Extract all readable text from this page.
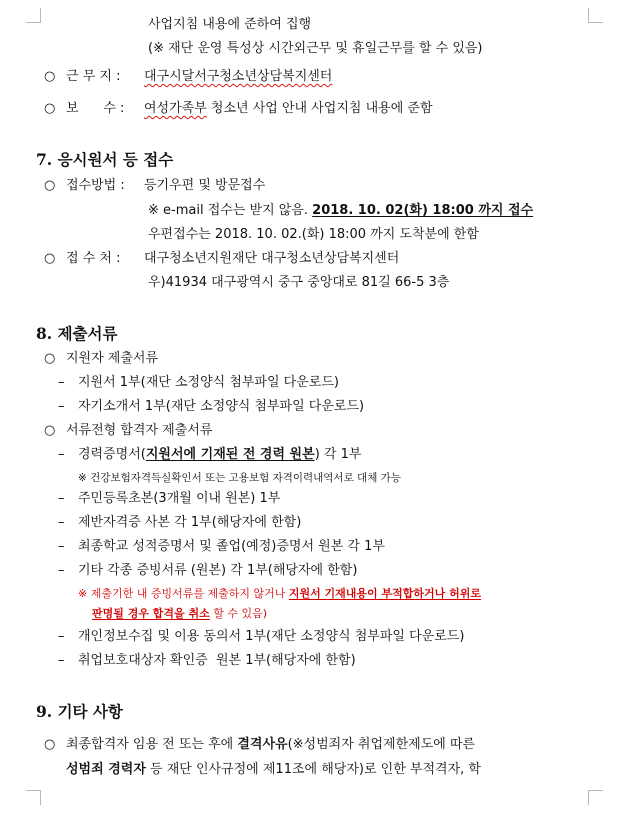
사업지침 내용에 준하여 집행
(※ 재단 운영 특성상 시간외근무 및 휴일근무를 할 수 있음)
○ 근 무 지 : 대구시달서구청소년상담복지센터
○ 보      수 : 여성가족부 청소년 사업 안내 사업지침 내용에 준함
7. 응시원서 등 접수
○ 접수방법 : 등기우편 및 방문접수
※ e-mail 접수는 받지 않음. 2018. 10. 02(화) 18:00 까지 접수
우편접수는 2018. 10. 02.(화) 18:00 까지 도착분에 한함
○ 접 수 처 : 대구청소년지원재단 대구청소년상담복지센터
우)41934 대구광역시 중구 중앙대로 81길 66-5 3층
8. 제출서류
○ 지원자 제출서류
– 지원서 1부(재단 소정양식 첨부파일 다운로드)
– 자기소개서 1부(재단 소정양식 첨부파일 다운로드)
○ 서류전형 합격자 제출서류
– 경력증명서(지원서에 기재된 전 경력 원본) 각 1부
※ 건강보험자격득실확인서 또는 고용보험 자격이력내역서로 대체 가능
– 주민등록초본(3개월 이내 원본) 1부
– 제반자격증 사본 각 1부(해당자에 한함)
– 최종학교 성적증명서 및 졸업(예정)증명서 원본 각 1부
– 기타 각종 증빙서류 (원본) 각 1부(해당자에 한함)
※ 제출기한 내 증빙서류를 제출하지 않거나 지원서 기재내용이 부적합하거나 허위로
판명될 경우 합격을 취소 할 수 있음)
– 개인정보수집 및 이용 동의서 1부(재단 소정양식 첨부파일 다운로드)
– 취업보호대상자 확인증  원본 1부(해당자에 한함)
9. 기타 사항
○ 최종합격자 임용 전 또는 후에 결격사유(※성범죄자 취업제한제도에 따른
성범죄 경력자 등 재단 인사규정에 제11조에 해당자)로 인한 부적격자, 학
